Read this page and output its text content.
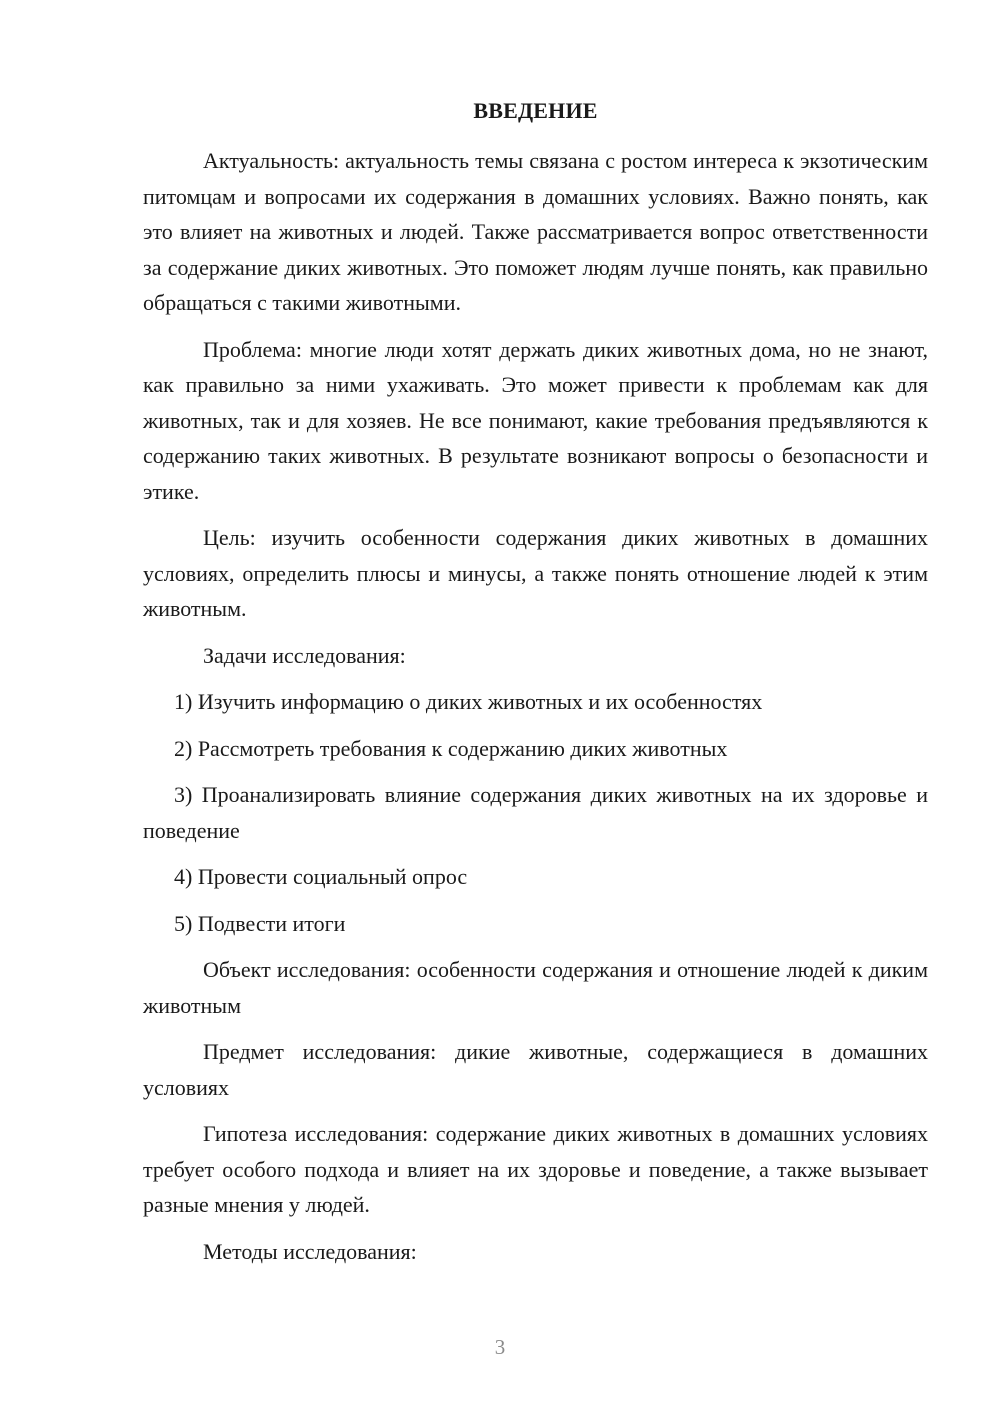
ВВЕДЕНИЕ

Актуальность: актуальность темы связана с ростом интереса к экзотическим питомцам и вопросами их содержания в домашних условиях. Важно понять, как это влияет на животных и людей. Также рассматривается вопрос ответственности за содержание диких животных. Это поможет людям лучше понять, как правильно обращаться с такими животными.

Проблема: многие люди хотят держать диких животных дома, но не знают, как правильно за ними ухаживать. Это может привести к проблемам как для животных, так и для хозяев. Не все понимают, какие требования предъявляются к содержанию таких животных. В результате возникают вопросы о безопасности и этике.

Цель: изучить особенности содержания диких животных в домашних условиях, определить плюсы и минусы, а также понять отношение людей к этим животным.

Задачи исследования:

1) Изучить информацию о диких животных и их особенностях

2) Рассмотреть требования к содержанию диких животных

3) Проанализировать влияние содержания диких животных на их здоровье и поведение

4) Провести социальный опрос

5) Подвести итоги

Объект исследования: особенности содержания и отношение людей к диким животным

Предмет исследования: дикие животные, содержащиеся в домашних условиях

Гипотеза исследования: содержание диких животных в домашних условиях требует особого подхода и влияет на их здоровье и поведение, а также вызывает разные мнения у людей.

Методы исследования:

3
